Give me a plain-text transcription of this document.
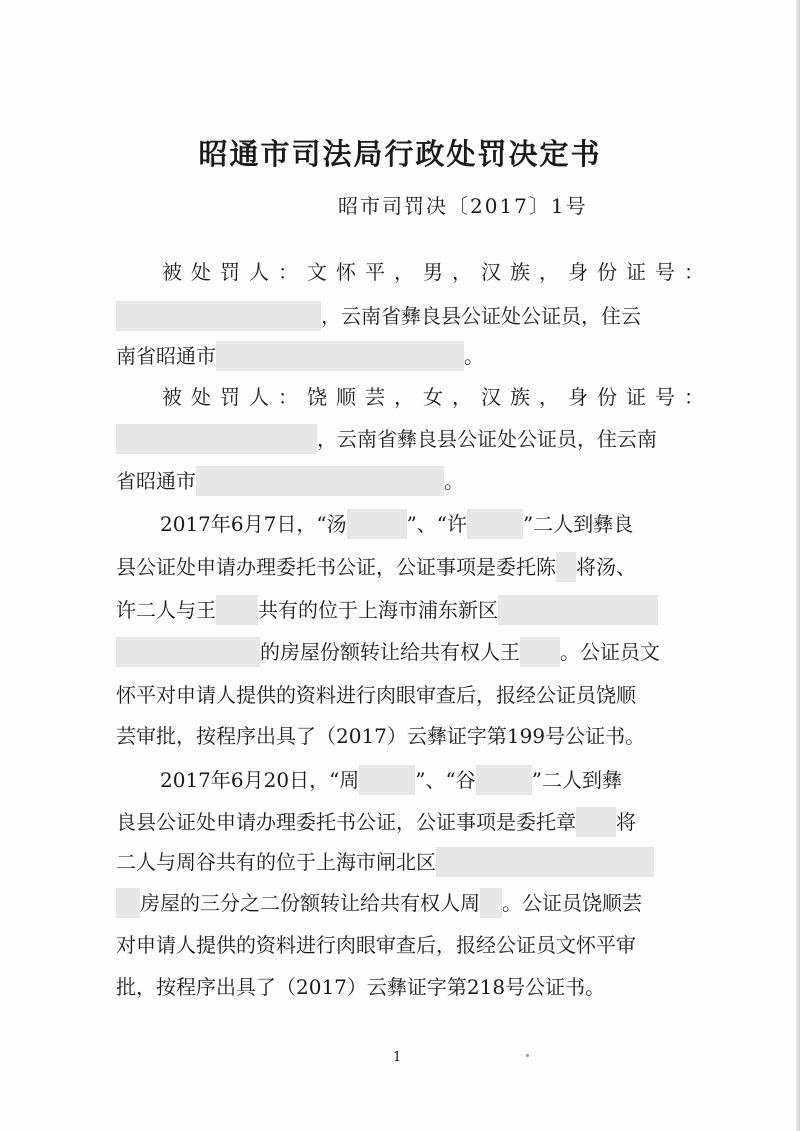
昭通市司法局行政处罚决定书
昭市司罚决〔2017〕1号
被处罚人：文怀平，男，汉族，身份证号：
，云南省彝良县公证处公证员，住云
南省昭通市	。
被处罚人：饶顺芸，女，汉族，身份证号：
，云南省彝良县公证处公证员，住云南
省昭通市	。
2017年6月7日，“汤	”、“许	”二人到彝良
县公证处申请办理委托书公证，公证事项是委托陈 将汤、
许二人与王 共有的位于上海市浦东新区
的房屋份额转让给共有权人王 。公证员文
怀平对申请人提供的资料进行肉眼审查后，报经公证员饶顺
芸审批，按程序出具了（2017）云彝证字第199号公证书。
2017年6月20日，“周	”、“谷	”二人到彝
良县公证处申请办理委托书公证，公证事项是委托章 将
二人与周谷共有的位于上海市闸北区
房屋的三分之二份额转让给共有权人周 。公证员饶顺芸
对申请人提供的资料进行肉眼审查后，报经公证员文怀平审
批，按程序出具了（2017）云彝证字第218号公证书。
1
